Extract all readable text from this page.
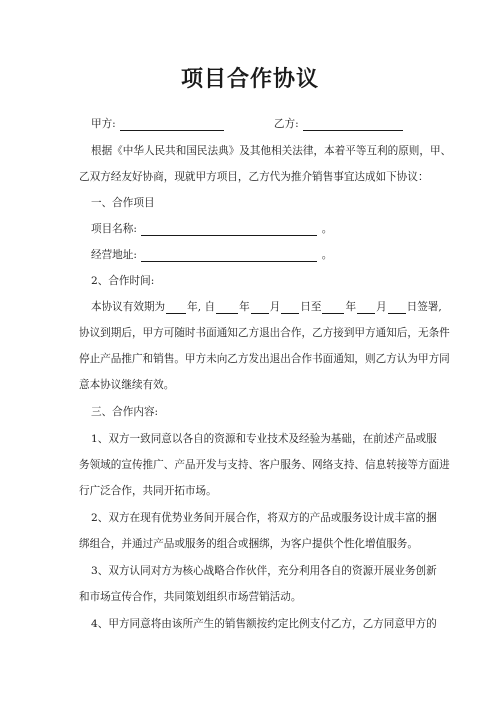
项目合作协议
甲方:	乙方:
根据《中华人民共和国民法典》及其他相关法律，本着平等互利的原则，甲、
乙双方经友好协商，现就甲方项目，乙方代为推介销售事宜达成如下协议：
一、合作项目
项目名称:	。
经营地址:	。
2、合作时间:
本协议有效期为 年, 自 年 月 日至 年 月 日签署,
协议到期后，甲方可随时书面通知乙方退出合作，乙方接到甲方通知后，无条件
停止产品推广和销售。甲方未向乙方发出退出合作书面通知，则乙方认为甲方同
意本协议继续有效。
三、合作内容:
1、双方一致同意以各自的资源和专业技术及经验为基础，在前述产品或服
务领域的宣传推广、产品开发与支持、客户服务、网络支持、信息转接等方面进
行广泛合作，共同开拓市场。
2、双方在现有优势业务间开展合作，将双方的产品或服务设计成丰富的捆
绑组合，并通过产品或服务的组合或捆绑，为客户提供个性化增值服务。
3、双方认同对方为核心战略合作伙伴，充分利用各自的资源开展业务创新
和市场宣传合作，共同策划组织市场营销活动。
4、甲方同意将由该所产生的销售额按约定比例支付乙方，乙方同意甲方的
